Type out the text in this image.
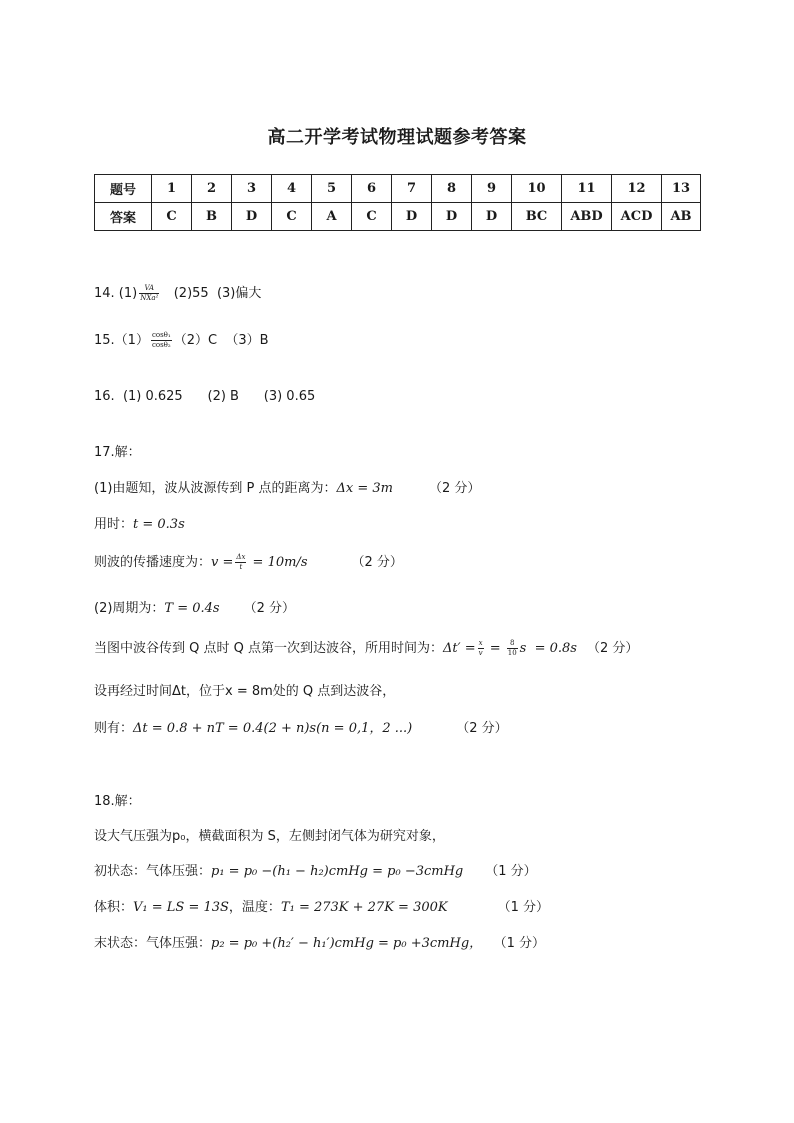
高二开学考试物理试题参考答案
题号	1	2	3	4	5	6	7	8	9	10	11	12	13
答案	C	B	D	C	A	C	D	D	D	BC	ABD	ACD	AB
14. $(1) \frac{VA}{\text{NXa²}} (2)55$  (3)偏大
$15.(1) \frac{\text{cosθ₁}}{\text{cosθ₂}} (2)C$  （3）B
16.  (1) 0.625      (2) B      (3) 0.65
17.解：
(1)由题知，波从波源传到 P 点的距离为：Δx = 3m	（2 分）
用时：t = 0.3s
则波的传播速度为：$v = \frac{\Delta x}{t} = 10m/s$	（2 分）
(2)周期为：T = 0.4s （2 分）
当图中波谷传到 Q 点时 Q 点第一次到达波谷，所用时间为：$\Delta t' = \frac{x}{v} = \frac{8}{10}$ s  = 0.8s （2 分）
设再经过时间Δt，位于x = 8m处的 Q 点到达波谷，
则有：Δt = 0.8 + nT = 0.4(2 + n)s(n = 0,1，2 ...)	（2 分）
18.解：
设大气压强为p₀，横截面积为 S，左侧封闭气体为研究对象，
初状态：气体压强：p₁ = p₀ −(h₁ − h₂)cmHg = p₀ −3cmHg （1 分）
体积：V₁ = LS = 13S，温度：T₁ = 273K + 27K = 300K	（1 分）
末状态：气体压强：p₂ = p₀ +(h₂′ − h₁′)cmHg = p₀ +3cmHg， （1 分）
